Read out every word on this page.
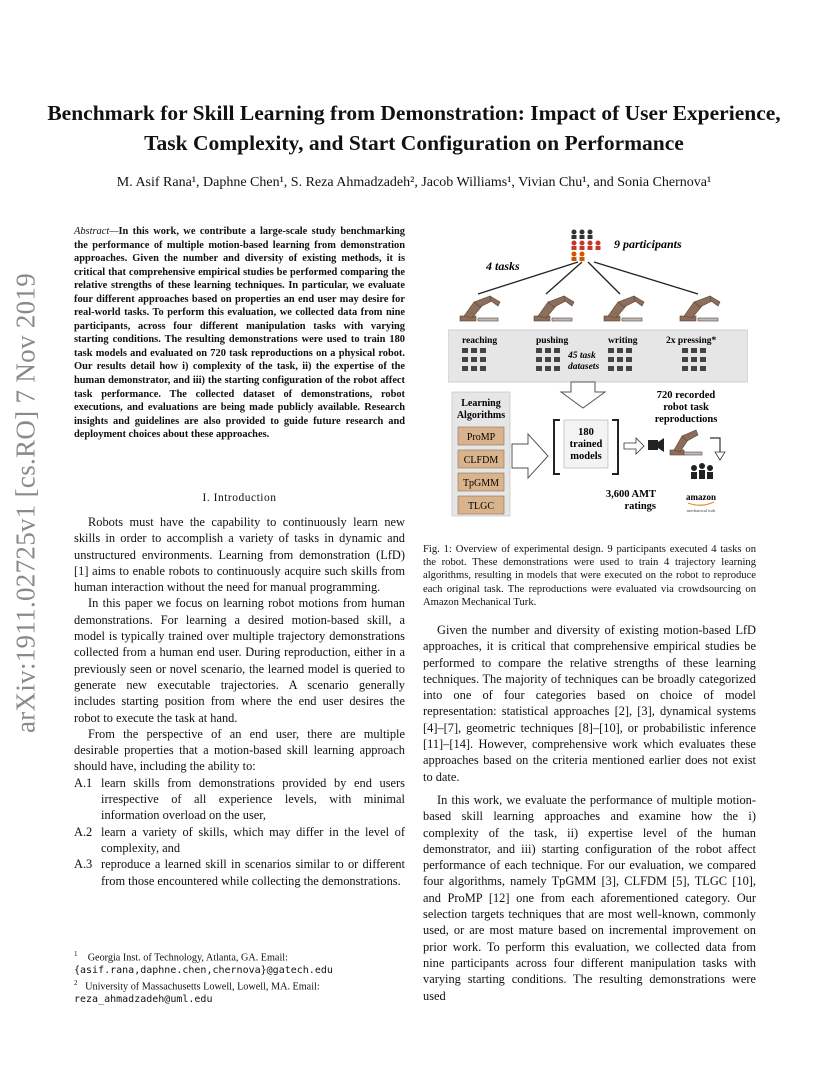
Benchmark for Skill Learning from Demonstration: Impact of User Experience, Task Complexity, and Start Configuration on Performance
M. Asif Rana¹, Daphne Chen¹, S. Reza Ahmadzadeh², Jacob Williams¹, Vivian Chu¹, and Sonia Chernova¹
arXiv:1911.02725v1 [cs.RO] 7 Nov 2019
Abstract—In this work, we contribute a large-scale study benchmarking the performance of multiple motion-based learning from demonstration approaches. Given the number and diversity of existing methods, it is critical that comprehensive empirical studies be performed comparing the relative strengths of these learning techniques. In particular, we evaluate four different approaches based on properties an end user may desire for real-world tasks. To perform this evaluation, we collected data from nine participants, across four different manipulation tasks with varying starting conditions. The resulting demonstrations were used to train 180 task models and evaluated on 720 task reproductions on a physical robot. Our results detail how i) complexity of the task, ii) the expertise of the human demonstrator, and iii) the starting configuration of the robot affect task performance. The collected dataset of demonstrations, robot executions, and evaluations are being made publicly available. Research insights and guidelines are also provided to guide future research and deployment choices about these approaches.
I. Introduction

Robots must have the capability to continuously learn new skills in order to accomplish a variety of tasks in dynamic and unstructured environments. Learning from demonstration (LfD) [1] aims to enable robots to continuously acquire such skills from human interaction without the need for manual programming.

In this paper we focus on learning robot motions from human demonstrations. For learning a desired motion-based skill, a model is typically trained over multiple trajectory demonstrations collected from a human end user. During reproduction, either in a previously seen or novel scenario, the learned model is queried to generate new executable trajectories. A scenario generally includes starting position from where the end user desires the robot to execute the task at hand.

From the perspective of an end user, there are multiple desirable properties that a motion-based skill learning approach should have, including the ability to:

A.1 learn skills from demonstrations provided by end users irrespective of all experience levels, with minimal information overload on the user,
A.2 learn a variety of skills, which may differ in the level of complexity, and
A.3 reproduce a learned skill in scenarios similar to or different from those encountered while collecting the demonstrations.
$^1$ Georgia Inst. of Technology, Atlanta, GA. Email:
{asif.rana,daphne.chen,chernova}@gatech.edu
$^2$ University of Massachusetts Lowell, Lowell, MA. Email:
reza_ahmadzadeh@uml.edu
9 participants
4 tasks
reaching	pushing	writing	2x pressing*
45 task
datasets
Learning
Algorithms
ProMP
CLFDM
TpGMM
TLGC
180
trained
models
720 recorded
robot task
reproductions
3,600 AMT
ratings
amazon
mechanical turk
Fig. 1: Overview of experimental design. 9 participants executed 4 tasks on the robot. These demonstrations were used to train 4 trajectory learning algorithms, resulting in models that were executed on the robot to reproduce each original task. The reproductions were evaluated via crowdsourcing on Amazon Mechanical Turk.

Given the number and diversity of existing motion-based LfD approaches, it is critical that comprehensive empirical studies be performed to compare the relative strengths of these learning techniques. The majority of techniques can be broadly categorized into one of four categories based on choice of model representation: statistical approaches [2], [3], dynamical systems [4]–[7], geometric techniques [8]–[10], or probabilistic inference [11]–[14]. However, comprehensive work which evaluates these approaches based on the criteria mentioned earlier does not exist to date.

In this work, we evaluate the performance of multiple motion-based skill learning approaches and examine how the i) complexity of the task, ii) expertise level of the human demonstrator, and iii) starting configuration of the robot affect performance of each technique. For our evaluation, we compared four algorithms, namely TpGMM [3], CLFDM [5], TLGC [10], and ProMP [12] one from each aforementioned category. Our selection targets techniques that are most well-known, commonly used, or are most mature based on incremental improvement on prior work. To perform this evaluation, we collected data from nine participants across four different manipulation tasks with varying starting conditions. The resulting demonstrations were used
